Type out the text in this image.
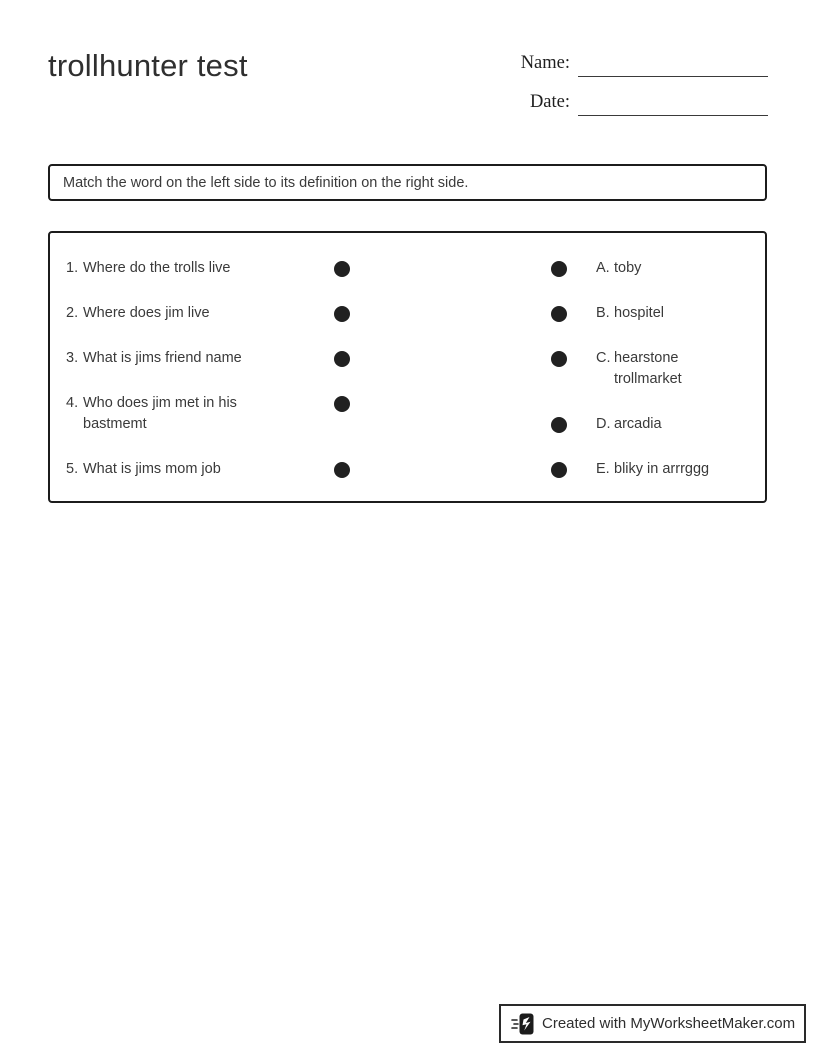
trollhunter test	Name:
Date:
Match the word on the left side to its definition on the right side.
1. Where do the trolls live
2. Where does jim live
3. What is jims friend name
4. Who does jim met in his bastmemt
5. What is jims mom job
A. toby
B. hospitel
C. hearstone trollmarket
D. arcadia
E. bliky in arrrggg
Created with MyWorksheetMaker.com
